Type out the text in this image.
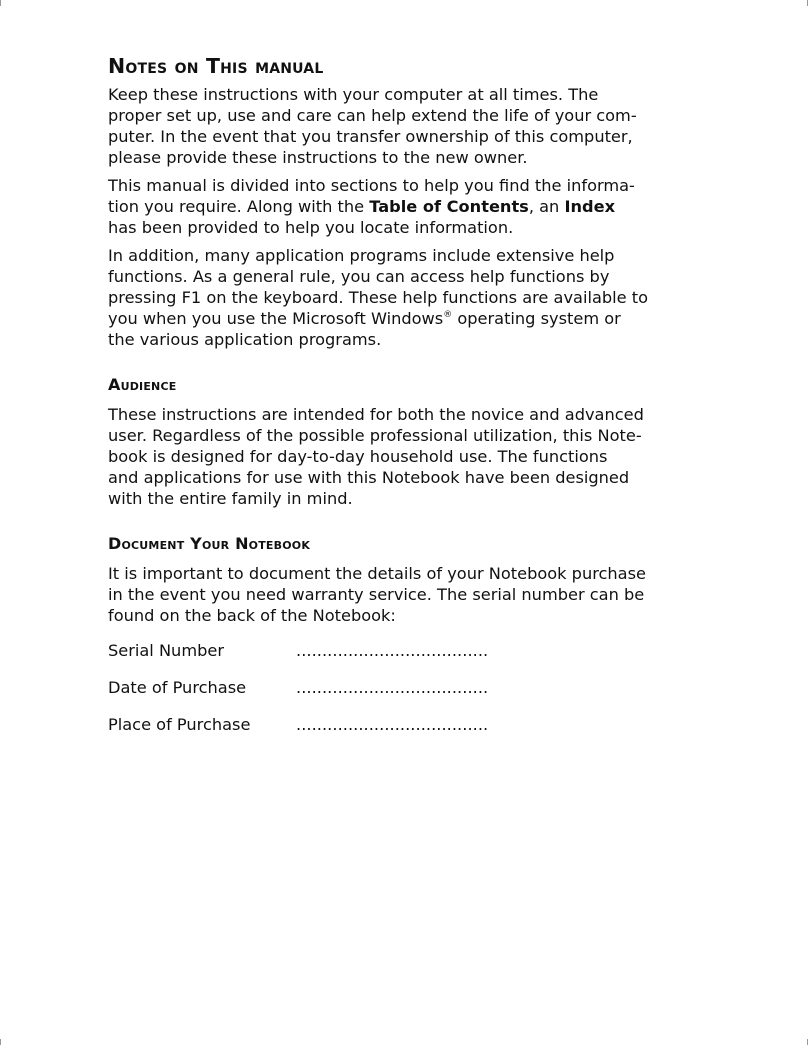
Notes on This manual

Keep these instructions with your computer at all times. The
proper set up, use and care can help extend the life of your com-
puter. In the event that you transfer ownership of this computer,
please provide these instructions to the new owner.

This manual is divided into sections to help you find the informa-
tion you require. Along with the Table of Contents, an Index
has been provided to help you locate information.

In addition, many application programs include extensive help
functions. As a general rule, you can access help functions by
pressing F1 on the keyboard. These help functions are available to
you when you use the Microsoft Windows® operating system or
the various application programs.

Audience

These instructions are intended for both the novice and advanced
user. Regardless of the possible professional utilization, this Note-
book is designed for day-to-day household use. The functions
and applications for use with this Notebook have been designed
with the entire family in mind.

Document Your Notebook

It is important to document the details of your Notebook purchase
in the event you need warranty service. The serial number can be
found on the back of the Notebook:

Serial Number	.....................................
Date of Purchase	.....................................
Place of Purchase	.....................................
